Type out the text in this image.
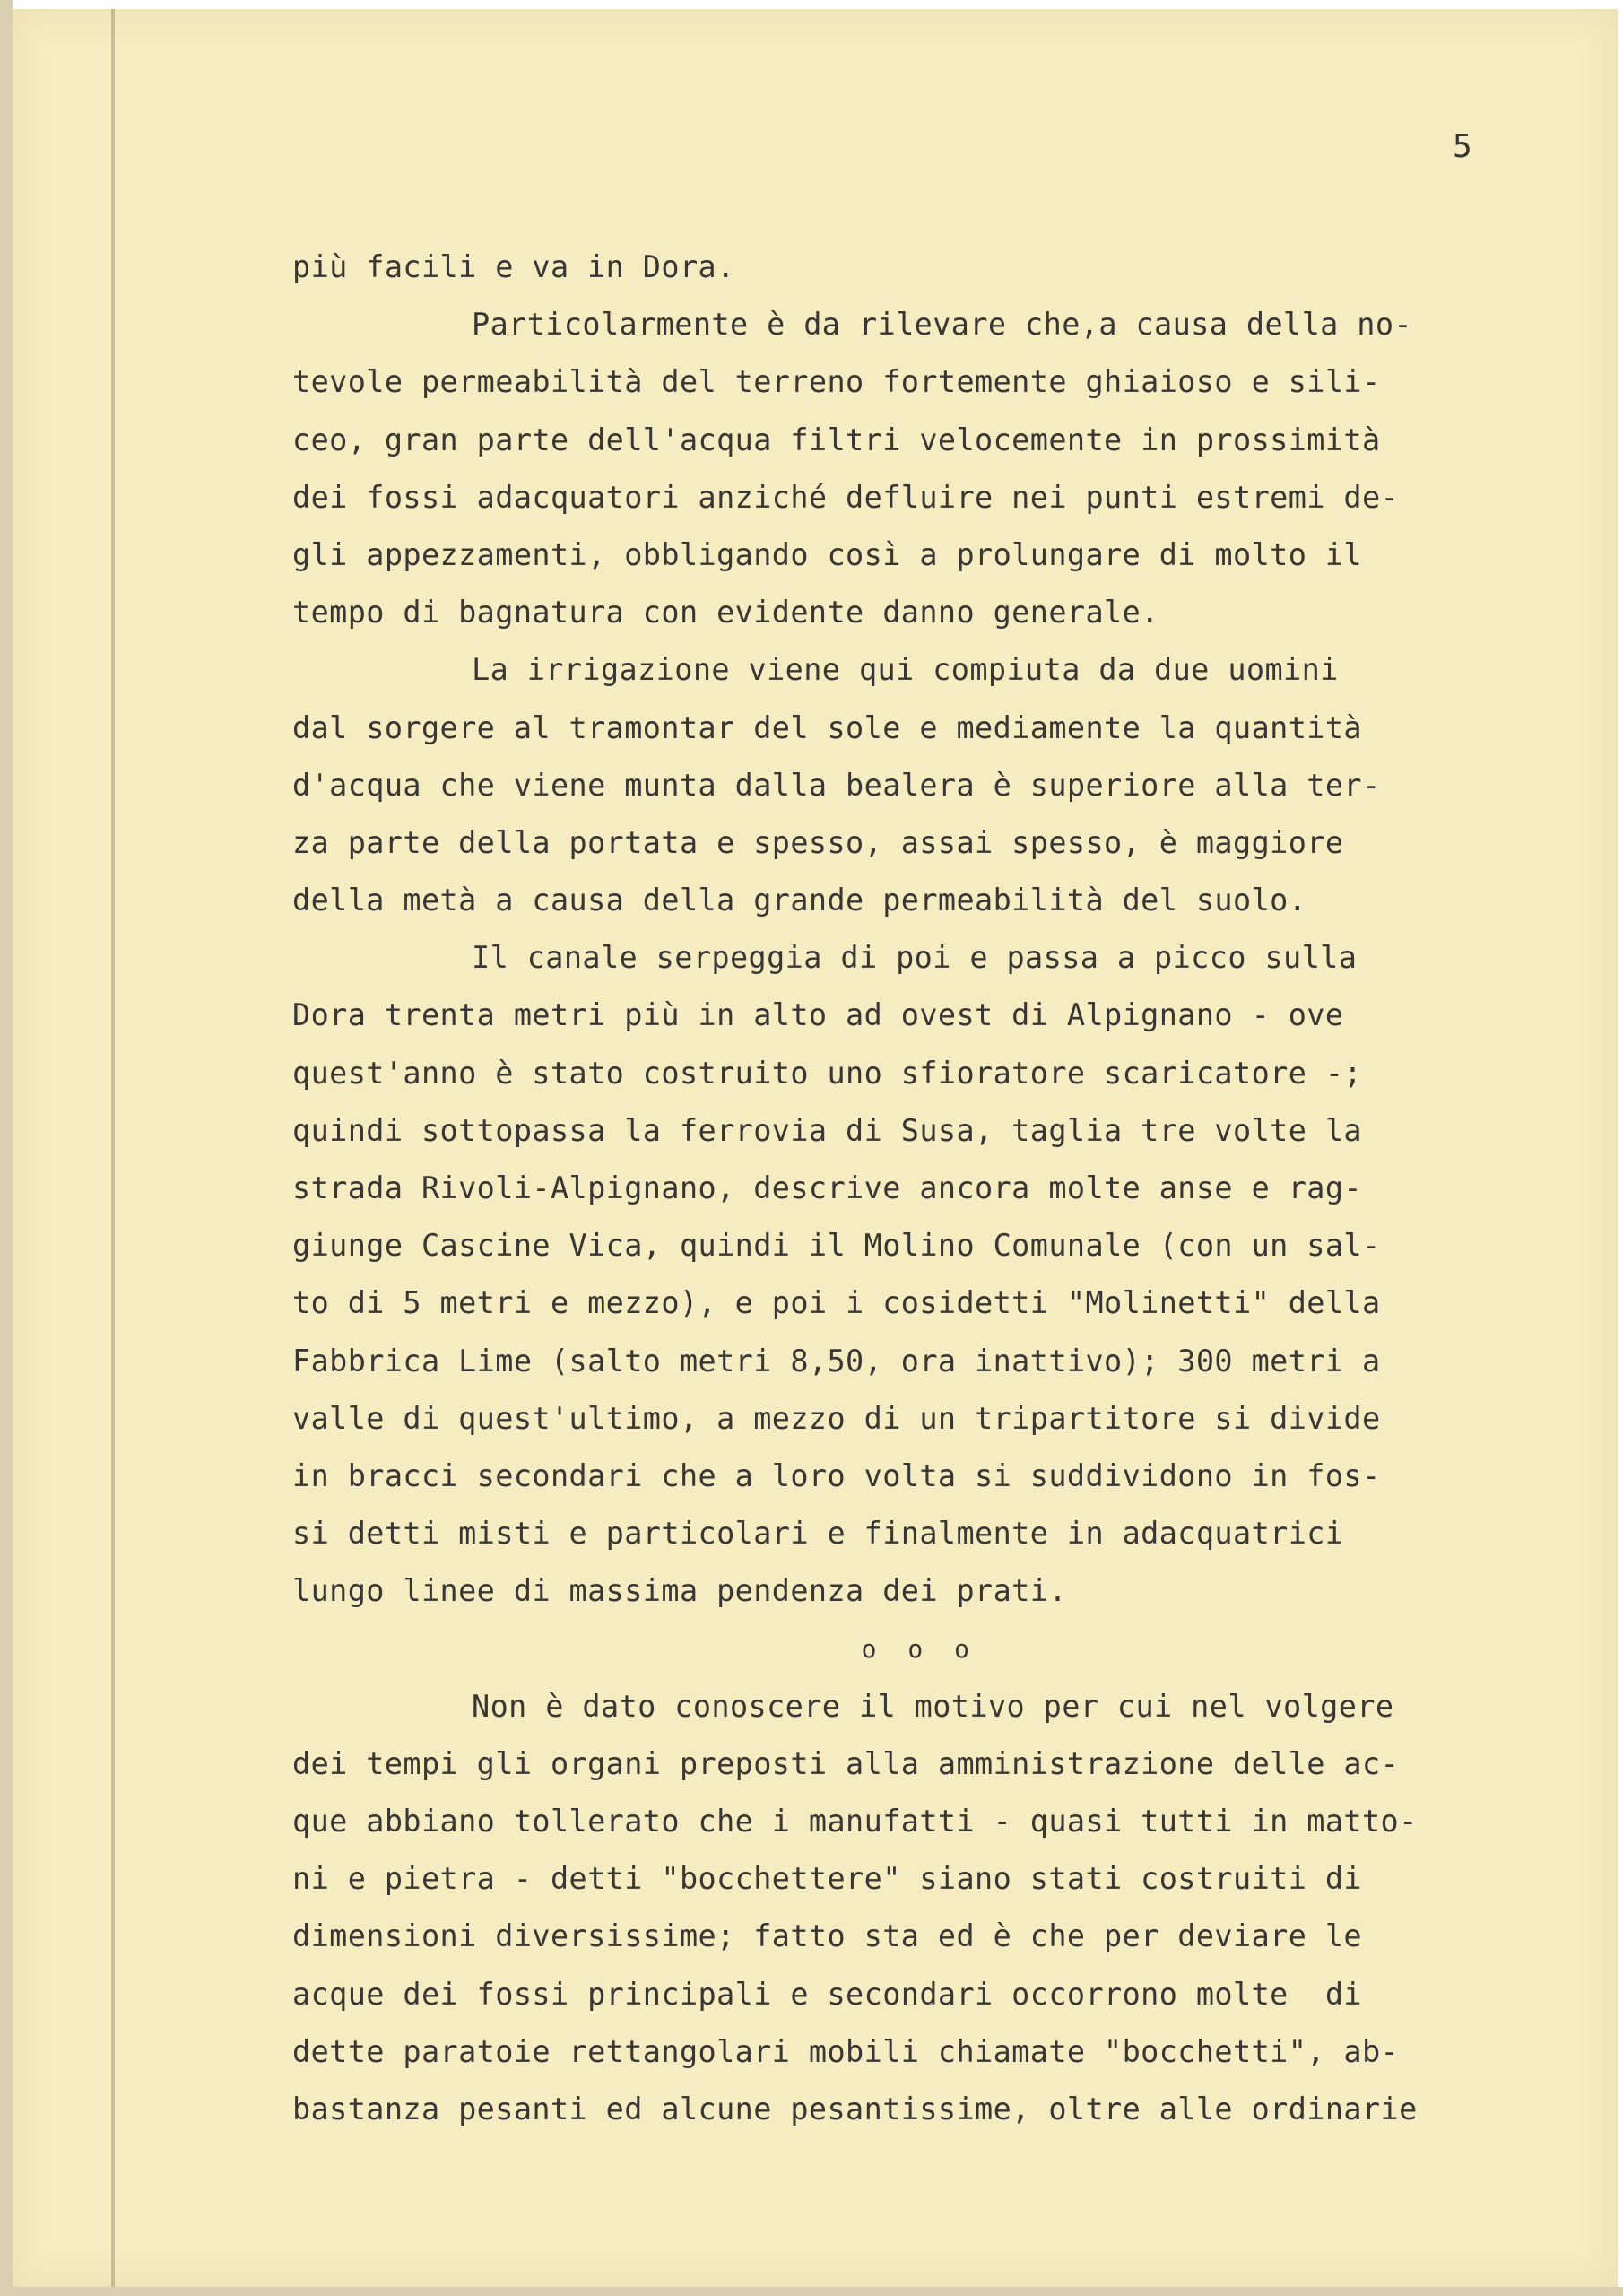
5
più facili e va in Dora.
Particolarmente è da rilevare che,a causa della no-
tevole permeabilità del terreno fortemente ghiaioso e sili-
ceo, gran parte dell'acqua filtri velocemente in prossimità
dei fossi adacquatori anziché defluire nei punti estremi de-
gli appezzamenti, obbligando così a prolungare di molto il
tempo di bagnatura con evidente danno generale.
La irrigazione viene qui compiuta da due uomini
dal sorgere al tramontar del sole e mediamente la quantità
d'acqua che viene munta dalla bealera è superiore alla ter-
za parte della portata e spesso, assai spesso, è maggiore
della metà a causa della grande permeabilità del suolo.
Il canale serpeggia di poi e passa a picco sulla
Dora trenta metri più in alto ad ovest di Alpignano - ove
quest'anno è stato costruito uno sfioratore scaricatore -;
quindi sottopassa la ferrovia di Susa, taglia tre volte la
strada Rivoli-Alpignano, descrive ancora molte anse e rag-
giunge Cascine Vica, quindi il Molino Comunale (con un sal-
to di 5 metri e mezzo), e poi i cosidetti "Molinetti" della
Fabbrica Lime (salto metri 8,50, ora inattivo); 300 metri a
valle di quest'ultimo, a mezzo di un tripartitore si divide
in bracci secondari che a loro volta si suddividono in fos-
si detti misti e particolari e finalmente in adacquatrici
lungo linee di massima pendenza dei prati.
o  o  o
Non è dato conoscere il motivo per cui nel volgere
dei tempi gli organi preposti alla amministrazione delle ac-
que abbiano tollerato che i manufatti - quasi tutti in matto-
ni e pietra - detti "bocchettere" siano stati costruiti di
dimensioni diversissime; fatto sta ed è che per deviare le
acque dei fossi principali e secondari occorrono molte  di
dette paratoie rettangolari mobili chiamate "bocchetti", ab-
bastanza pesanti ed alcune pesantissime, oltre alle ordinarie
